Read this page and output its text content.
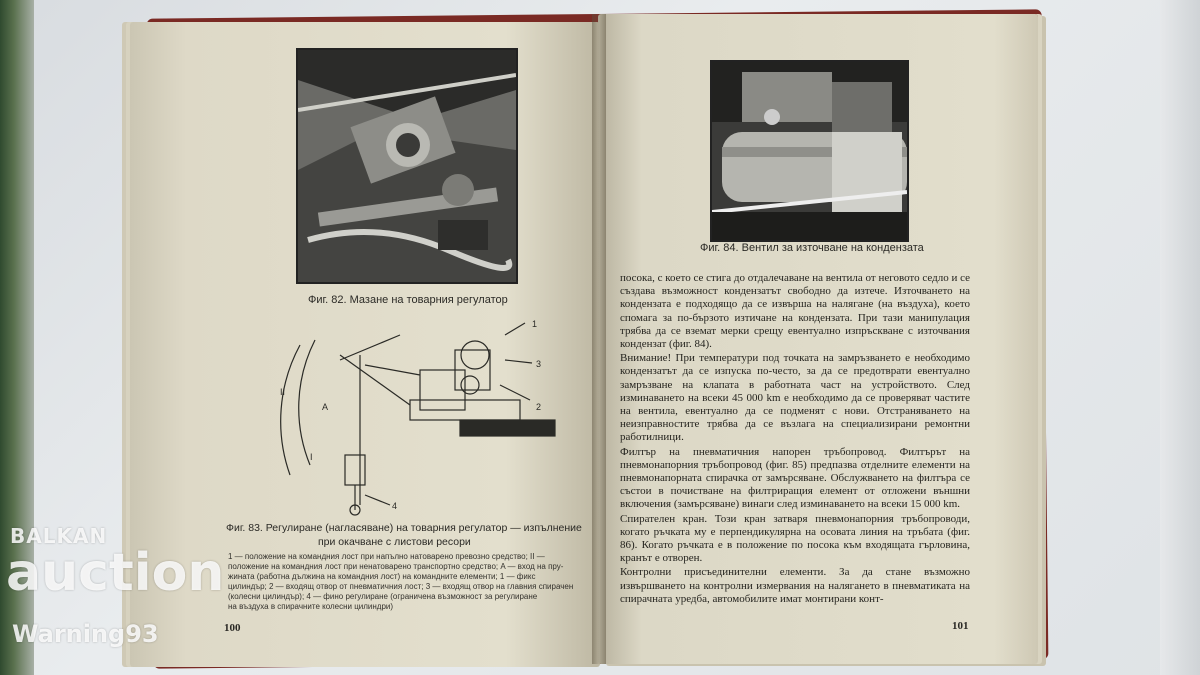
Фиг. 82. Мазане на товарния регулатор
1
2
3
4
A
II
I
Фиг. 83. Регулиране (нагласяване) на товарния регулатор — изпълнение
при окачване с листови ресори
1 — положение на командния лост при напълно натоварено превозно средство; II —
положение на командния лост при ненатоварено транспортно средство; A — вход на пру-
жината (работна дължина на командния лост) на командните елементи; 1 — фикс
цилиндър; 2 — входящ отвор от пневматичния лост; 3 — входящ отвор на главния спирачен
(колесни цилиндър); 4 — фино регулиране (ограничена възможност за регулиране
на въздуха в спирачните колесни цилиндри)
100
Фиг. 84. Вентил за източване на кондензата

посока, с което се стига до отдалечаване на вентила от неговото седло и се създава възможност кондензатът свободно да изтече. Източването на кондензата е подходящо да се извърша на налягане (на въздуха), което спомага за по-бързото изтичане на кондензата. При тази манипулация трябва да се вземат мерки срещу евентуално изпръскване с източвания кондензат (фиг. 84).

Внимание! При температури под точката на замръзването е необходимо кондензатът да се изпуска по-често, за да се предотврати евентуално замръзване на клапата в работната част на устройството. След изминаването на всеки 45 000 km е необходимо да се проверяват частите на вентила, евентуално да се подменят с нови. Отстраняването на неизправностите трябва да се възлага на специализирани ремонтни работилници.

Филтър на пневматичния напорен тръбопровод. Филтърът на пневмонапорния тръбопровод (фиг. 85) предпазва отделните елементи на пневмонапорната спирачка от замърсяване. Обслужването на филтъра се състои в почистване на филтриращия елемент от отложени външни включения (замърсяване) винаги след изминаването на всеки 15 000 km.

Спирателен кран. Този кран затваря пневмонапорния тръбопроводи, когато ръчката му е перпендикулярна на осовата линия на тръбата (фиг. 86). Когато ръчката е в положение по посока към входящата гърловина, кранът е отворен.

Контролни присъединителни елементи. За да стане възможно извършването на контролни измервания на налягането в пневматиката на спирачната уредба, автомобилите имат монтирани конт-

101
BALKAN
auction
Warning93
